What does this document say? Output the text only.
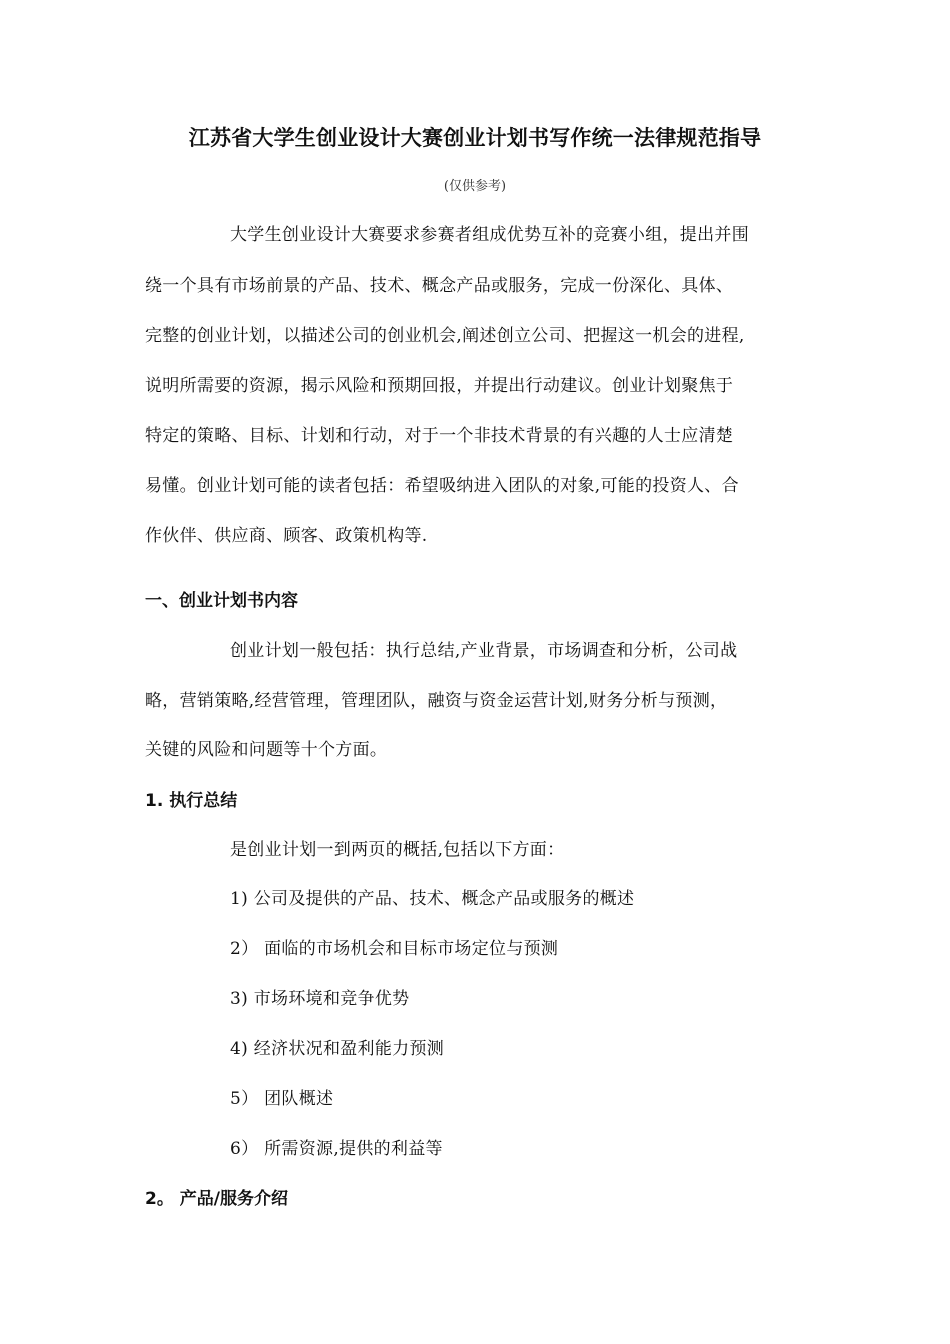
江苏省大学生创业设计大赛创业计划书写作统一法律规范指导
(仅供参考)
大学生创业设计大赛要求参赛者组成优势互补的竞赛小组，提出并围
绕一个具有市场前景的产品、技术、概念产品或服务，完成一份深化、具体、
完整的创业计划，以描述公司的创业机会,阐述创立公司、把握这一机会的进程,
说明所需要的资源，揭示风险和预期回报，并提出行动建议。创业计划聚焦于
特定的策略、目标、计划和行动，对于一个非技术背景的有兴趣的人士应清楚
易懂。创业计划可能的读者包括：希望吸纳进入团队的对象,可能的投资人、合
作伙伴、供应商、顾客、政策机构等.
一、创业计划书内容
创业计划一般包括：执行总结,产业背景，市场调查和分析，公司战
略，营销策略,经营管理，管理团队，融资与资金运营计划,财务分析与预测，
关键的风险和问题等十个方面。
1. 执行总结
是创业计划一到两页的概括,包括以下方面：
1) 公司及提供的产品、技术、概念产品或服务的概述
2） 面临的市场机会和目标市场定位与预测
3) 市场环境和竞争优势
4) 经济状况和盈利能力预测
5） 团队概述
6） 所需资源,提供的利益等
2。 产品/服务介绍
